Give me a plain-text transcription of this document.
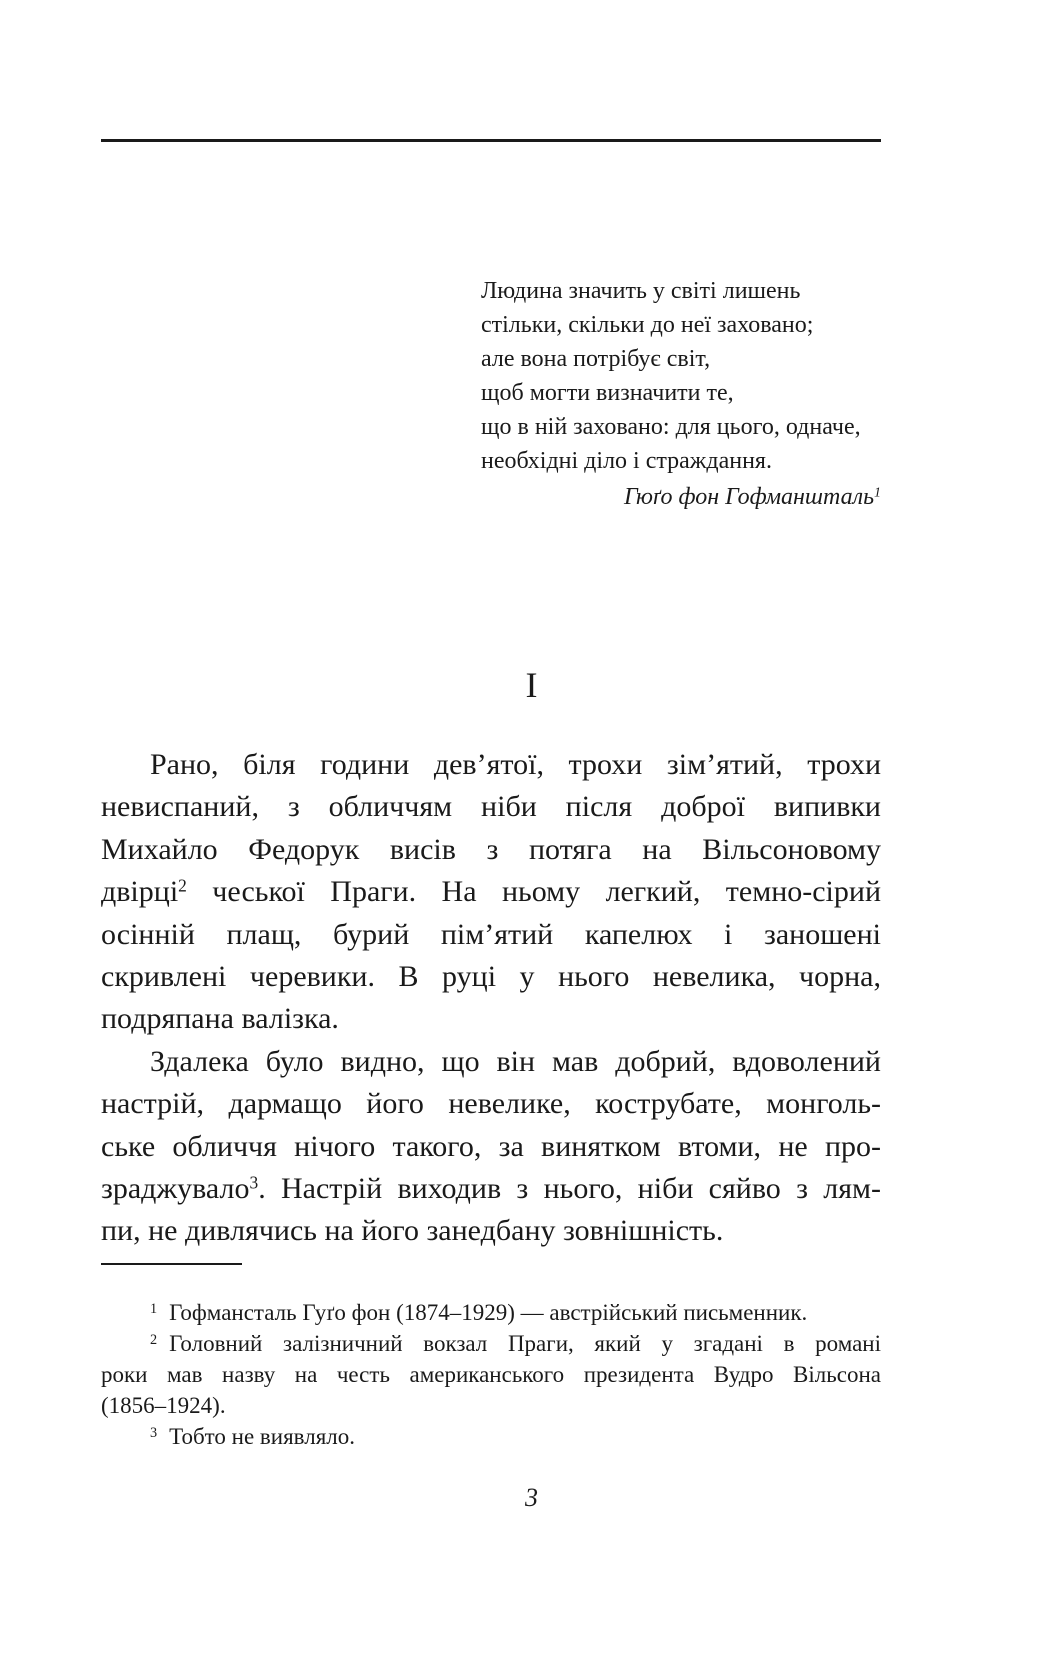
Людина значить у світі лишень
стільки, скільки до неї заховано;
але вона потрібує світ,
щоб могти визначити те,
що в ній заховано: для цього, одначе,
необхідні діло і страждання.
Гюґо фон Гофманшталь$^1$
I
Рано, біля години дев’ятої, трохи зім’ятий, трохи
невиспаний, з обличчям ніби після доброї випивки
Михайло Федорук висів з потяга на Вільсоновому
двірці$^2$ чеської Праги. На ньому легкий, темно-сірий
осінній плащ, бурий пім’ятий капелюх і заношені
скривлені черевики. В руці у нього невелика, чорна,
подряпана валізка.
Здалека було видно, що він мав добрий, вдоволений
настрій, дармащо його невелике, кострубате, монголь-
ське обличчя нічого такого, за винятком втоми, не про-
зраджувало$^3$. Настрій виходив з нього, ніби сяйво з лям-
пи, не дивлячись на його занедбану зовнішність.
$^1$ Гофмансталь Гуґо фон (1874–1929) — австрійський письменник.
$^2$ Головний залізничний вокзал Праги, який у згадані в романі
роки мав назву на честь американського президента Вудро Вільсона
(1856–1924).
$^3$ Тобто не виявляло.
3
